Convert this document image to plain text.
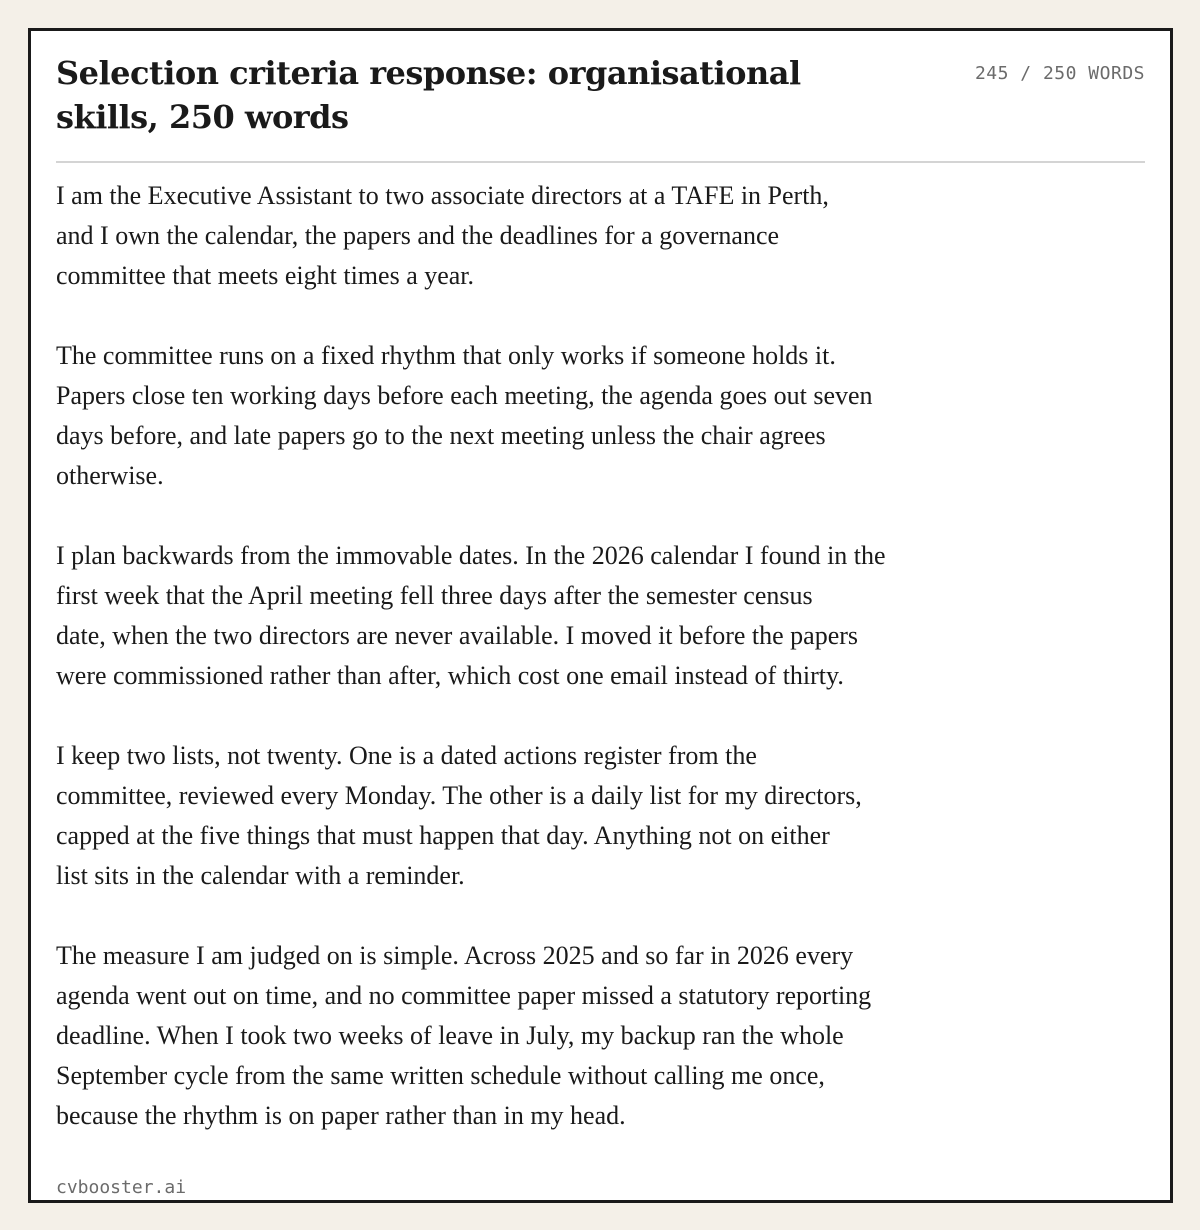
Selection criteria response: organisational skills, 250 words
245 / 250 WORDS

I am the Executive Assistant to two associate directors at a TAFE in Perth,
and I own the calendar, the papers and the deadlines for a governance
committee that meets eight times a year.

The committee runs on a fixed rhythm that only works if someone holds it.
Papers close ten working days before each meeting, the agenda goes out seven
days before, and late papers go to the next meeting unless the chair agrees
otherwise.

I plan backwards from the immovable dates. In the 2026 calendar I found in the
first week that the April meeting fell three days after the semester census
date, when the two directors are never available. I moved it before the papers
were commissioned rather than after, which cost one email instead of thirty.

I keep two lists, not twenty. One is a dated actions register from the
committee, reviewed every Monday. The other is a daily list for my directors,
capped at the five things that must happen that day. Anything not on either
list sits in the calendar with a reminder.

The measure I am judged on is simple. Across 2025 and so far in 2026 every
agenda went out on time, and no committee paper missed a statutory reporting
deadline. When I took two weeks of leave in July, my backup ran the whole
September cycle from the same written schedule without calling me once,
because the rhythm is on paper rather than in my head.

cvbooster.ai
